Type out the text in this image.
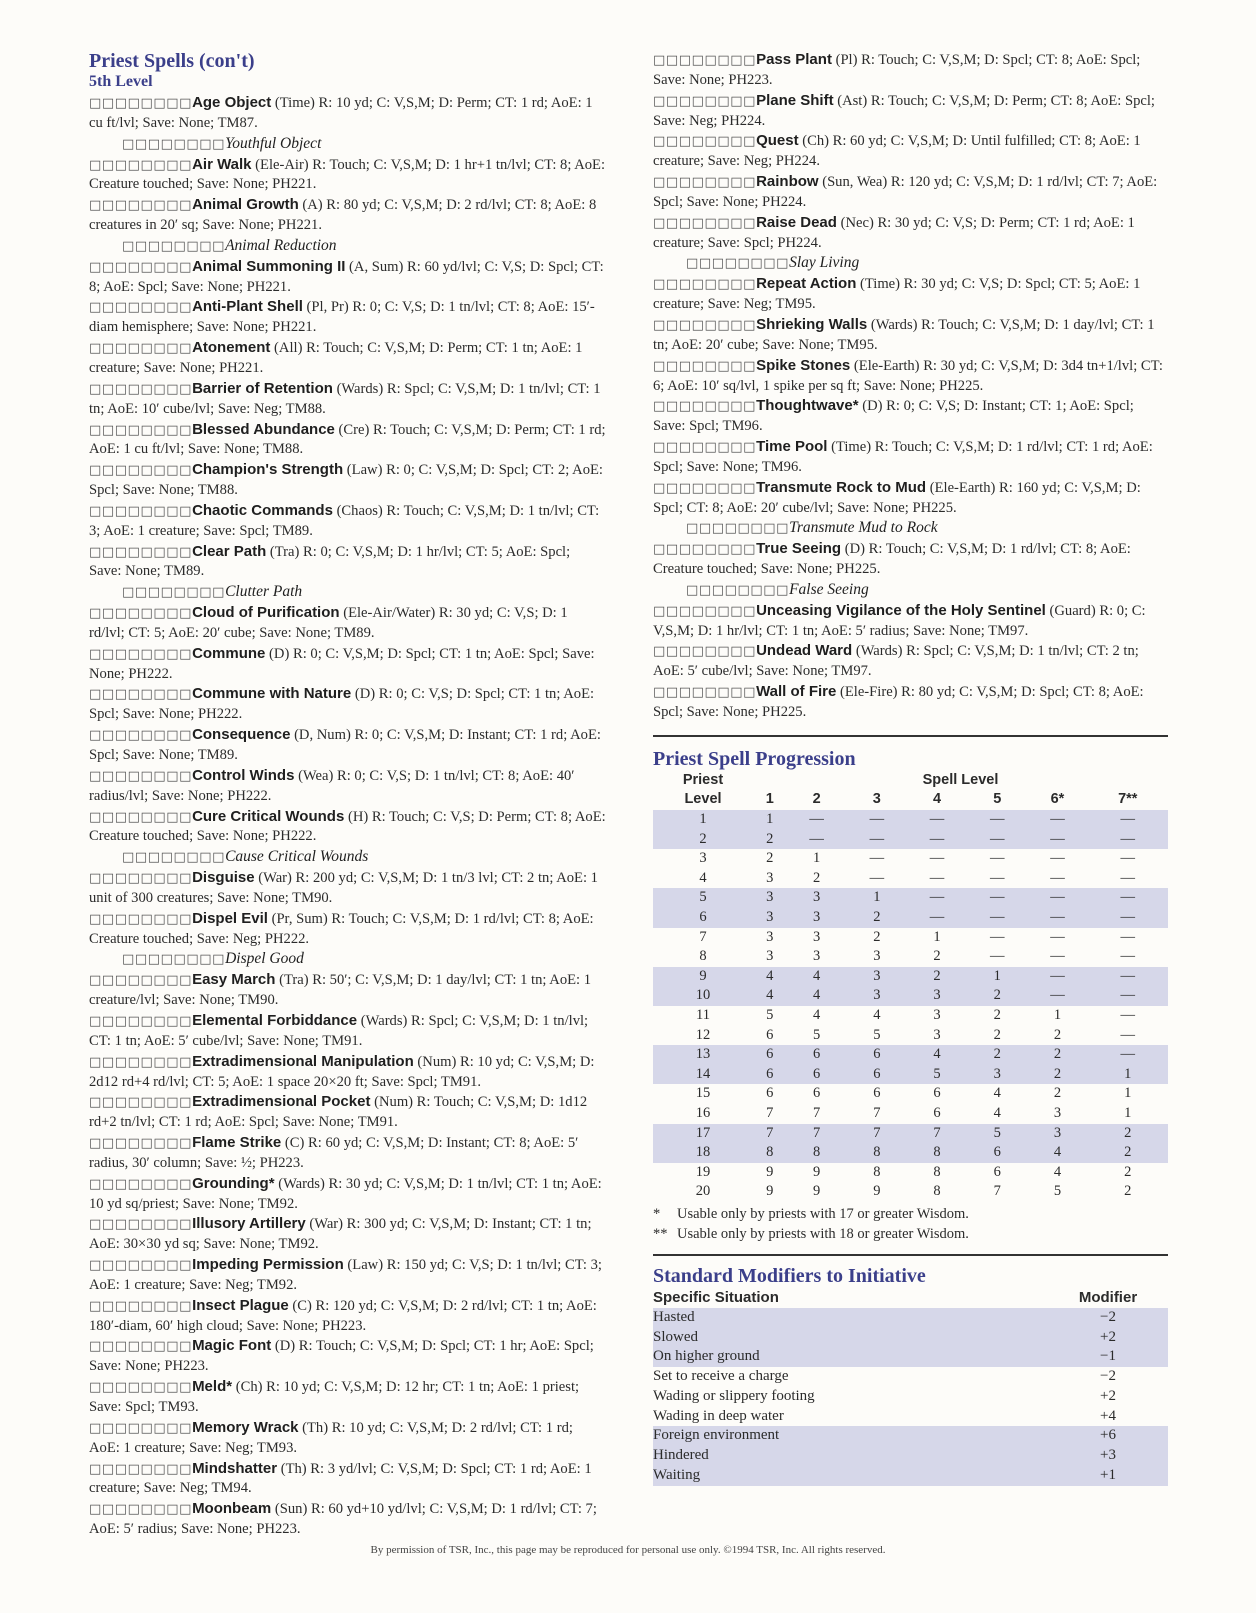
Priest Spells (con't)
5th Level

□□□□□□□□Age Object (Time) R: 10 yd; C: V,S,M; D: Perm; CT: 1 rd; AoE: 1 cu ft/lvl; Save: None; TM87.

□□□□□□□□Youthful Object

□□□□□□□□Air Walk (Ele-Air) R: Touch; C: V,S,M; D: 1 hr+1 tn/lvl; CT: 8; AoE: Creature touched; Save: None; PH221.

□□□□□□□□Animal Growth (A) R: 80 yd; C: V,S,M; D: 2 rd/lvl; CT: 8; AoE: 8 creatures in 20′ sq; Save: None; PH221.

□□□□□□□□Animal Reduction

□□□□□□□□Animal Summoning II (A, Sum) R: 60 yd/lvl; C: V,S; D: Spcl; CT: 8; AoE: Spcl; Save: None; PH221.

□□□□□□□□Anti-Plant Shell (Pl, Pr) R: 0; C: V,S; D: 1 tn/lvl; CT: 8; AoE: 15′-diam hemisphere; Save: None; PH221.

□□□□□□□□Atonement (All) R: Touch; C: V,S,M; D: Perm; CT: 1 tn; AoE: 1 creature; Save: None; PH221.

□□□□□□□□Barrier of Retention (Wards) R: Spcl; C: V,S,M; D: 1 tn/lvl; CT: 1 tn; AoE: 10′ cube/lvl; Save: Neg; TM88.

□□□□□□□□Blessed Abundance (Cre) R: Touch; C: V,S,M; D: Perm; CT: 1 rd; AoE: 1 cu ft/lvl; Save: None; TM88.

□□□□□□□□Champion's Strength (Law) R: 0; C: V,S,M; D: Spcl; CT: 2; AoE: Spcl; Save: None; TM88.

□□□□□□□□Chaotic Commands (Chaos) R: Touch; C: V,S,M; D: 1 tn/lvl; CT: 3; AoE: 1 creature; Save: Spcl; TM89.

□□□□□□□□Clear Path (Tra) R: 0; C: V,S,M; D: 1 hr/lvl; CT: 5; AoE: Spcl; Save: None; TM89.

□□□□□□□□Clutter Path

□□□□□□□□Cloud of Purification (Ele-Air/Water) R: 30 yd; C: V,S; D: 1 rd/lvl; CT: 5; AoE: 20′ cube; Save: None; TM89.

□□□□□□□□Commune (D) R: 0; C: V,S,M; D: Spcl; CT: 1 tn; AoE: Spcl; Save: None; PH222.

□□□□□□□□Commune with Nature (D) R: 0; C: V,S; D: Spcl; CT: 1 tn; AoE: Spcl; Save: None; PH222.

□□□□□□□□Consequence (D, Num) R: 0; C: V,S,M; D: Instant; CT: 1 rd; AoE: Spcl; Save: None; TM89.

□□□□□□□□Control Winds (Wea) R: 0; C: V,S; D: 1 tn/lvl; CT: 8; AoE: 40′ radius/lvl; Save: None; PH222.

□□□□□□□□Cure Critical Wounds (H) R: Touch; C: V,S; D: Perm; CT: 8; AoE: Creature touched; Save: None; PH222.

□□□□□□□□Cause Critical Wounds

□□□□□□□□Disguise (War) R: 200 yd; C: V,S,M; D: 1 tn/3 lvl; CT: 2 tn; AoE: 1 unit of 300 creatures; Save: None; TM90.

□□□□□□□□Dispel Evil (Pr, Sum) R: Touch; C: V,S,M; D: 1 rd/lvl; CT: 8; AoE: Creature touched; Save: Neg; PH222.

□□□□□□□□Dispel Good

□□□□□□□□Easy March (Tra) R: 50′; C: V,S,M; D: 1 day/lvl; CT: 1 tn; AoE: 1 creature/lvl; Save: None; TM90.

□□□□□□□□Elemental Forbiddance (Wards) R: Spcl; C: V,S,M; D: 1 tn/lvl; CT: 1 tn; AoE: 5′ cube/lvl; Save: None; TM91.

□□□□□□□□Extradimensional Manipulation (Num) R: 10 yd; C: V,S,M; D: 2d12 rd+4 rd/lvl; CT: 5; AoE: 1 space 20×20 ft; Save: Spcl; TM91.

□□□□□□□□Extradimensional Pocket (Num) R: Touch; C: V,S,M; D: 1d12 rd+2 tn/lvl; CT: 1 rd; AoE: Spcl; Save: None; TM91.

□□□□□□□□Flame Strike (C) R: 60 yd; C: V,S,M; D: Instant; CT: 8; AoE: 5′ radius, 30′ column; Save: ½; PH223.

□□□□□□□□Grounding* (Wards) R: 30 yd; C: V,S,M; D: 1 tn/lvl; CT: 1 tn; AoE: 10 yd sq/priest; Save: None; TM92.

□□□□□□□□Illusory Artillery (War) R: 300 yd; C: V,S,M; D: Instant; CT: 1 tn; AoE: 30×30 yd sq; Save: None; TM92.

□□□□□□□□Impeding Permission (Law) R: 150 yd; C: V,S; D: 1 tn/lvl; CT: 3; AoE: 1 creature; Save: Neg; TM92.

□□□□□□□□Insect Plague (C) R: 120 yd; C: V,S,M; D: 2 rd/lvl; CT: 1 tn; AoE: 180′-diam, 60′ high cloud; Save: None; PH223.

□□□□□□□□Magic Font (D) R: Touch; C: V,S,M; D: Spcl; CT: 1 hr; AoE: Spcl; Save: None; PH223.

□□□□□□□□Meld* (Ch) R: 10 yd; C: V,S,M; D: 12 hr; CT: 1 tn; AoE: 1 priest; Save: Spcl; TM93.

□□□□□□□□Memory Wrack (Th) R: 10 yd; C: V,S,M; D: 2 rd/lvl; CT: 1 rd; AoE: 1 creature; Save: Neg; TM93.

□□□□□□□□Mindshatter (Th) R: 3 yd/lvl; C: V,S,M; D: Spcl; CT: 1 rd; AoE: 1 creature; Save: Neg; TM94.

□□□□□□□□Moonbeam (Sun) R: 60 yd+10 yd/lvl; C: V,S,M; D: 1 rd/lvl; CT: 7; AoE: 5′ radius; Save: None; PH223.

□□□□□□□□Pass Plant (Pl) R: Touch; C: V,S,M; D: Spcl; CT: 8; AoE: Spcl; Save: None; PH223.

□□□□□□□□Plane Shift (Ast) R: Touch; C: V,S,M; D: Perm; CT: 8; AoE: Spcl; Save: Neg; PH224.

□□□□□□□□Quest (Ch) R: 60 yd; C: V,S,M; D: Until fulfilled; CT: 8; AoE: 1 creature; Save: Neg; PH224.

□□□□□□□□Rainbow (Sun, Wea) R: 120 yd; C: V,S,M; D: 1 rd/lvl; CT: 7; AoE: Spcl; Save: None; PH224.

□□□□□□□□Raise Dead (Nec) R: 30 yd; C: V,S; D: Perm; CT: 1 rd; AoE: 1 creature; Save: Spcl; PH224.

□□□□□□□□Slay Living

□□□□□□□□Repeat Action (Time) R: 30 yd; C: V,S; D: Spcl; CT: 5; AoE: 1 creature; Save: Neg; TM95.

□□□□□□□□Shrieking Walls (Wards) R: Touch; C: V,S,M; D: 1 day/lvl; CT: 1 tn; AoE: 20′ cube; Save: None; TM95.

□□□□□□□□Spike Stones (Ele-Earth) R: 30 yd; C: V,S,M; D: 3d4 tn+1/lvl; CT: 6; AoE: 10′ sq/lvl, 1 spike per sq ft; Save: None; PH225.

□□□□□□□□Thoughtwave* (D) R: 0; C: V,S; D: Instant; CT: 1; AoE: Spcl; Save: Spcl; TM96.

□□□□□□□□Time Pool (Time) R: Touch; C: V,S,M; D: 1 rd/lvl; CT: 1 rd; AoE: Spcl; Save: None; TM96.

□□□□□□□□Transmute Rock to Mud (Ele-Earth) R: 160 yd; C: V,S,M; D: Spcl; CT: 8; AoE: 20′ cube/lvl; Save: None; PH225.

□□□□□□□□Transmute Mud to Rock

□□□□□□□□True Seeing (D) R: Touch; C: V,S,M; D: 1 rd/lvl; CT: 8; AoE: Creature touched; Save: None; PH225.

□□□□□□□□False Seeing

□□□□□□□□Unceasing Vigilance of the Holy Sentinel (Guard) R: 0; C: V,S,M; D: 1 hr/lvl; CT: 1 tn; AoE: 5′ radius; Save: None; TM97.

□□□□□□□□Undead Ward (Wards) R: Spcl; C: V,S,M; D: 1 tn/lvl; CT: 2 tn; AoE: 5′ cube/lvl; Save: None; TM97.

□□□□□□□□Wall of Fire (Ele-Fire) R: 80 yd; C: V,S,M; D: Spcl; CT: 8; AoE: Spcl; Save: None; PH225.

Priest Spell Progression
Priest	Spell Level						
Level	1	2	3	4	5	6*	7**
1	1	—	—	—	—	—	—
2	2	—	—	—	—	—	—
3	2	1	—	—	—	—	—
4	3	2	—	—	—	—	—
5	3	3	1	—	—	—	—
6	3	3	2	—	—	—	—
7	3	3	2	1	—	—	—
8	3	3	3	2	—	—	—
9	4	4	3	2	1	—	—
10	4	4	3	3	2	—	—
11	5	4	4	3	2	1	—
12	6	5	5	3	2	2	—
13	6	6	6	4	2	2	—
14	6	6	6	5	3	2	1
15	6	6	6	6	4	2	1
16	7	7	7	6	4	3	1
17	7	7	7	7	5	3	2
18	8	8	8	8	6	4	2
19	9	9	8	8	6	4	2
20	9	9	9	8	7	5	2

* Usable only by priests with 17 or greater Wisdom.

** Usable only by priests with 18 or greater Wisdom.

Standard Modifiers to Initiative
Specific Situation	Modifier
Hasted	−2
Slowed	+2
On higher ground	−1
Set to receive a charge	−2
Wading or slippery footing	+2
Wading in deep water	+4
Foreign environment	+6
Hindered	+3
Waiting	+1
By permission of TSR, Inc., this page may be reproduced for personal use only. ©1994 TSR, Inc. All rights reserved.
